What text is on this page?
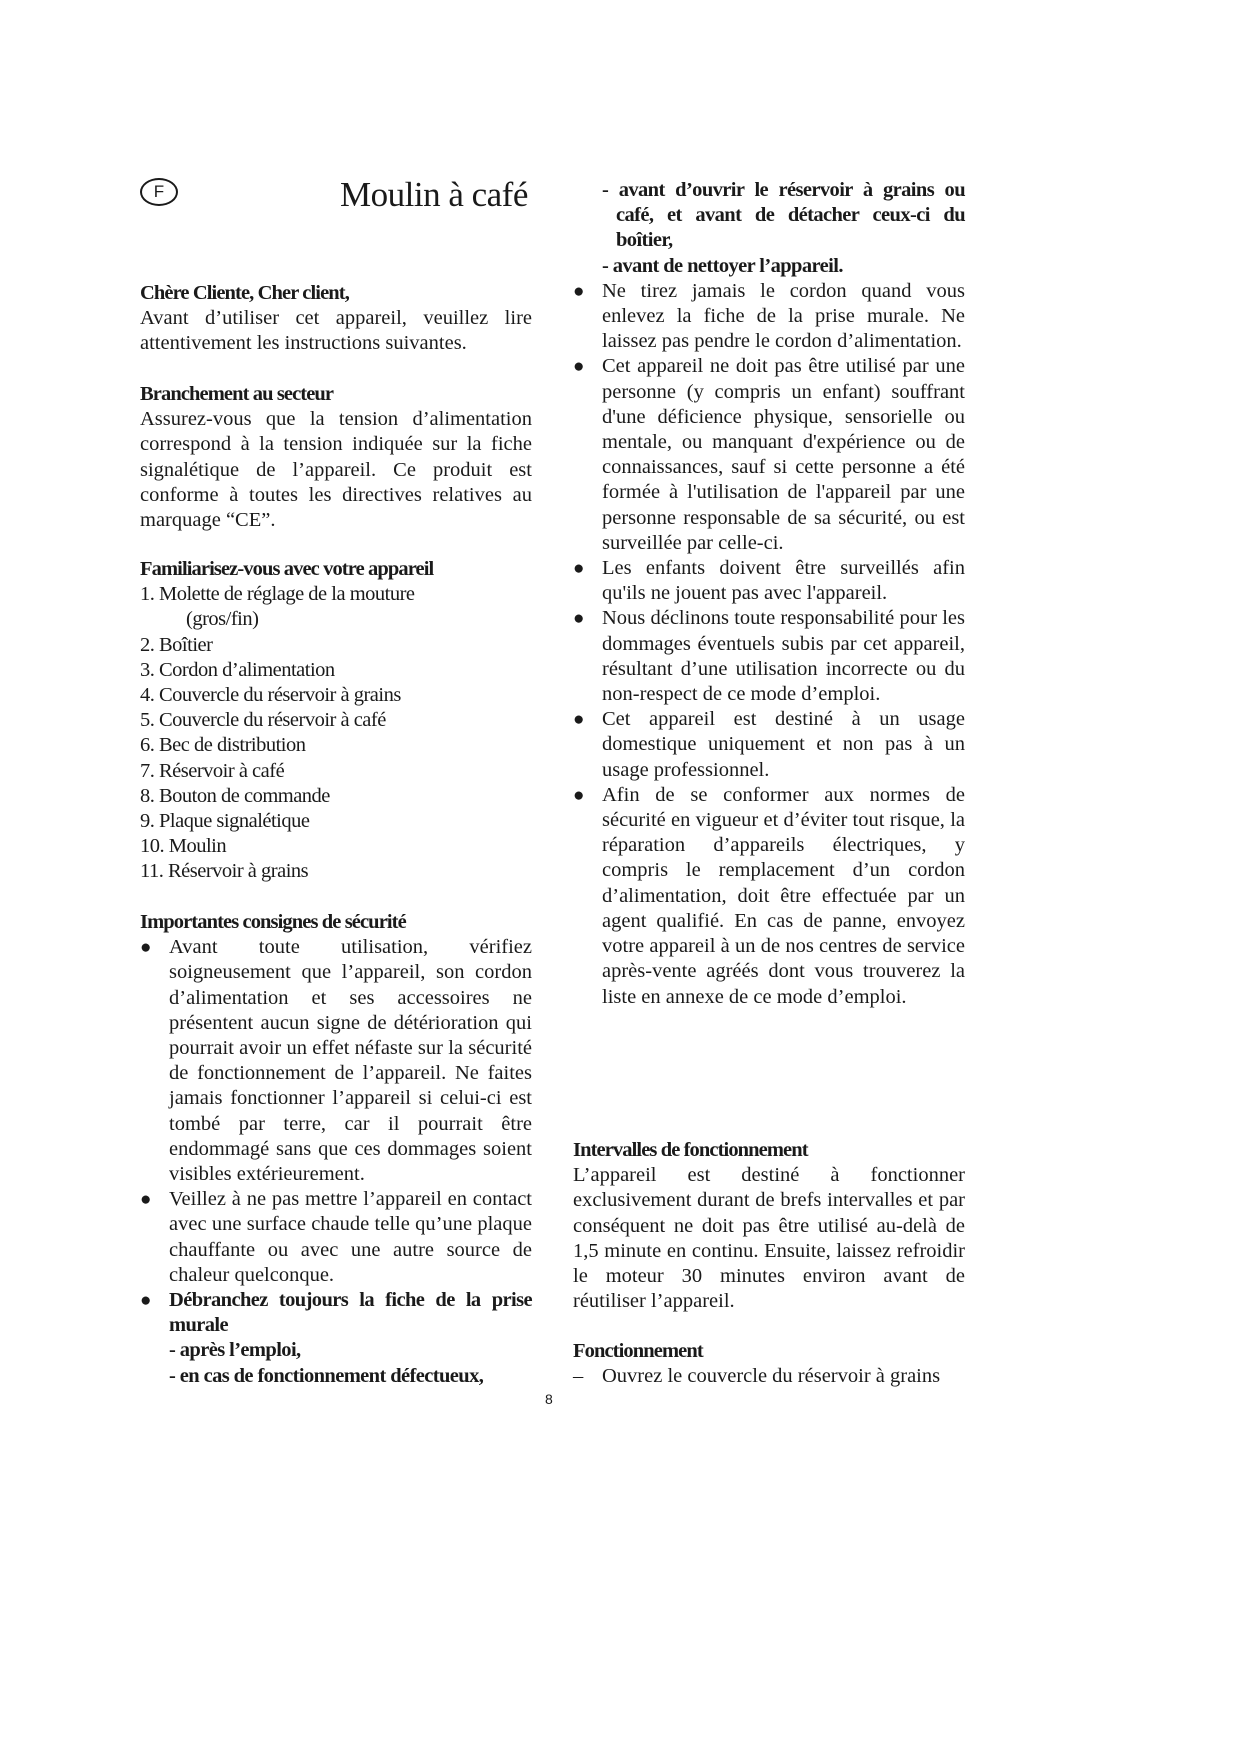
F	Moulin à café

Chère Cliente, Cher client,

Avant d’utiliser cet appareil, veuillez lire attentivement les instructions suivantes.

Branchement au secteur

Assurez-vous que la tension d’alimentation correspond à la tension indiquée sur la fiche signalétique de l’appareil. Ce produit est conforme à toutes les directives relatives au marquage “CE”.

Familiarisez-vous avec votre appareil

1. Molette de réglage de la mouture
(gros/fin)
2. Boîtier
3. Cordon d’alimentation
4. Couvercle du réservoir à grains
5. Couvercle du réservoir à café
6. Bec de distribution
7. Réservoir à café
8. Bouton de commande
9. Plaque signalétique
10. Moulin
11. Réservoir à grains

Importantes consignes de sécurité

● Avant toute utilisation, vérifiez soigneusement que l’appareil, son cordon d’alimentation et ses accessoires ne présentent aucun signe de détérioration qui pourrait avoir un effet néfaste sur la sécurité de fonctionnement de l’appareil. Ne faites jamais fonctionner l’appareil si celui-ci est tombé par terre, car il pourrait être endommagé sans que ces dommages soient visibles extérieurement.

● Veillez à ne pas mettre l’appareil en contact avec une surface chaude telle qu’une plaque chauffante ou avec une autre source de chaleur quelconque.

● Débranchez toujours la fiche de la prise murale

- après l’emploi,

- en cas de fonctionnement défectueux,

- avant d’ouvrir le réservoir à grains ou café, et avant de détacher ceux-ci du boîtier,

- avant de nettoyer l’appareil.

● Ne tirez jamais le cordon quand vous enlevez la fiche de la prise murale. Ne laissez pas pendre le cordon d’alimentation.

● Cet appareil ne doit pas être utilisé par une personne (y compris un enfant) souffrant d'une déficience physique, sensorielle ou mentale, ou manquant d'expérience ou de connaissances, sauf si cette personne a été formée à l'utilisation de l'appareil par une personne responsable de sa sécurité, ou est surveillée par celle-ci.

● Les enfants doivent être surveillés afin qu'ils ne jouent pas avec l'appareil.

● Nous déclinons toute responsabilité pour les dommages éventuels subis par cet appareil, résultant d’une utilisation incorrecte ou du non-respect de ce mode d’emploi.

● Cet appareil est destiné à un usage domestique uniquement et non pas à un usage professionnel.

● Afin de se conformer aux normes de sécurité en vigueur et d’éviter tout risque, la réparation d’appareils électriques, y compris le remplacement d’un cordon d’alimentation, doit être effectuée par un agent qualifié. En cas de panne, envoyez votre appareil à un de nos centres de service après-vente agréés dont vous trouverez la liste en annexe de ce mode d’emploi.

Intervalles de fonctionnement

L’appareil est destiné à fonctionner exclusivement durant de brefs intervalles et par conséquent ne doit pas être utilisé au-delà de 1,5 minute en continu. Ensuite, laissez refroidir le moteur 30 minutes environ avant de réutiliser l’appareil.

Fonctionnement

– Ouvrez le couvercle du réservoir à grains

8
